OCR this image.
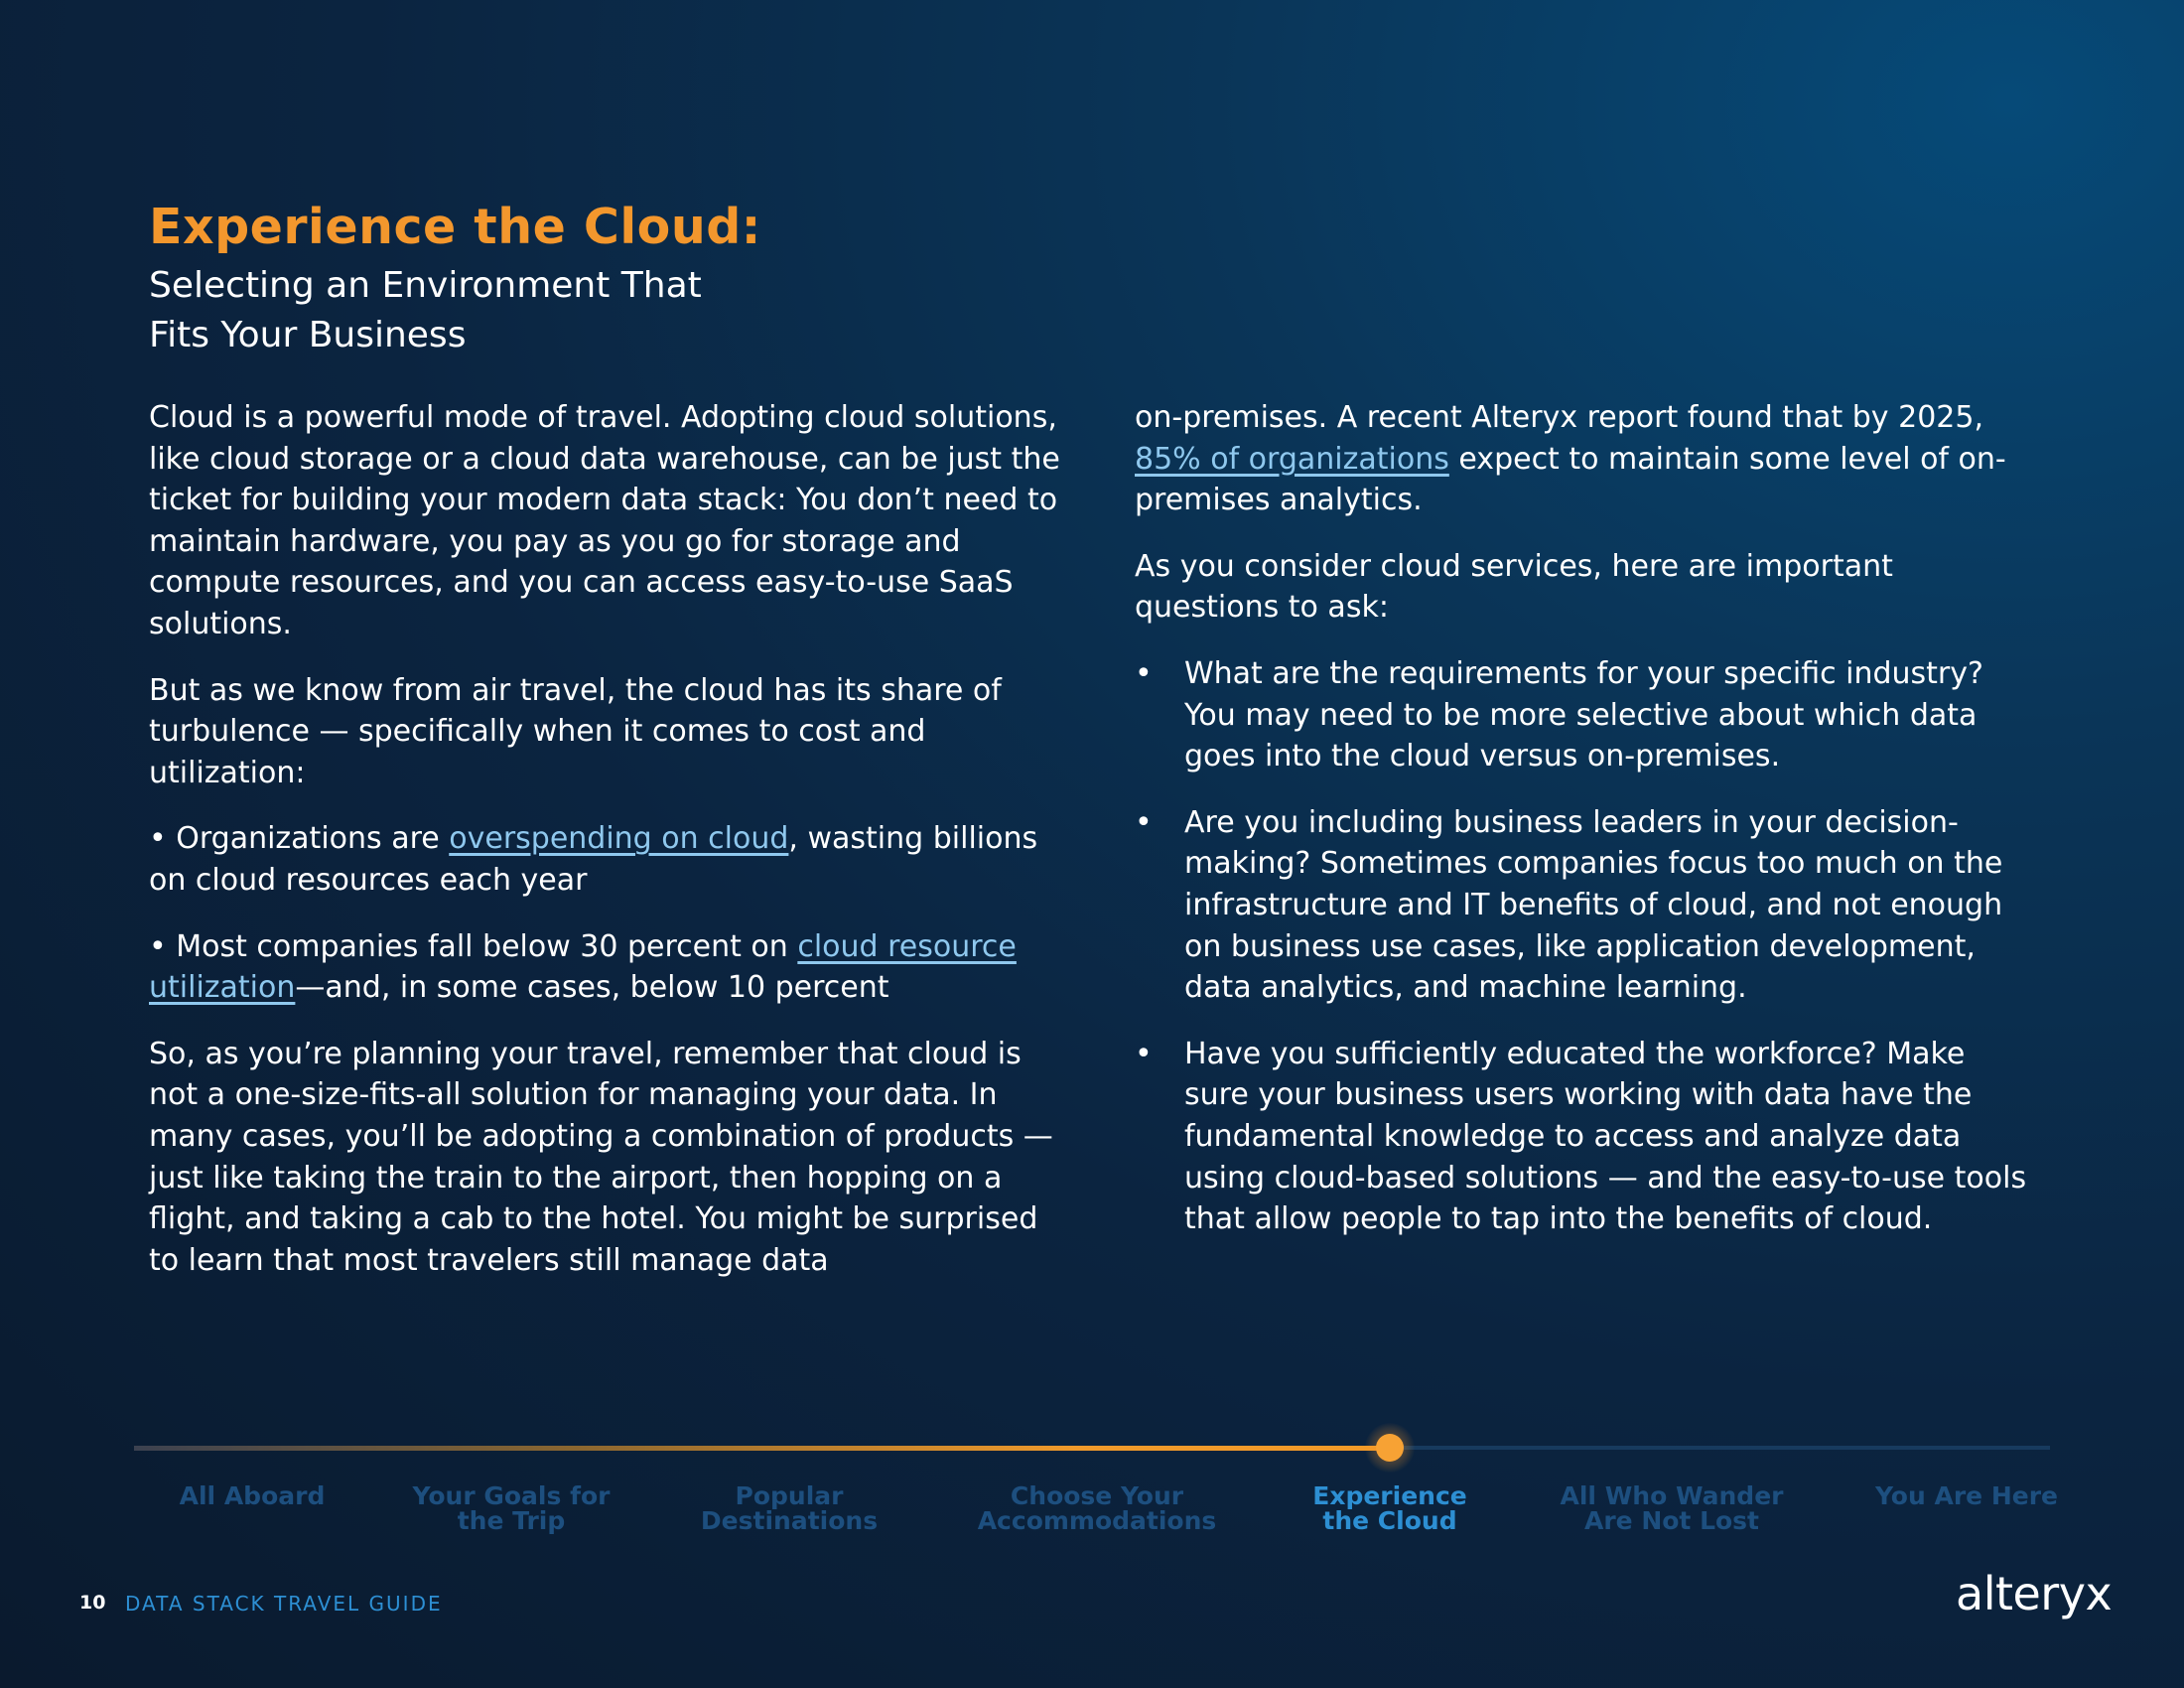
Experience the Cloud:
Selecting an Environment That
Fits Your Business

Cloud is a powerful mode of travel. Adopting cloud solutions, like cloud storage or a cloud data warehouse, can be just the ticket for building your modern data stack: You don’t need to maintain hardware, you pay as you go for storage and compute resources, and you can access easy-to-use SaaS solutions.

But as we know from air travel, the cloud has its share of turbulence — specifically when it comes to cost and utilization:

• Organizations are overspending on cloud, wasting billions on cloud resources each year

• Most companies fall below 30 percent on cloud resource utilization—and, in some cases, below 10 percent

So, as you’re planning your travel, remember that cloud is not a one-size-fits-all solution for managing your data. In many cases, you’ll be adopting a combination of products — just like taking the train to the airport, then hopping on a flight, and taking a cab to the hotel. You might be surprised to learn that most travelers still manage data

on-premises. A recent Alteryx report found that by 2025, 85% of organizations expect to maintain some level of on-premises analytics.

As you consider cloud services, here are important questions to ask:

• What are the requirements for your specific industry? You may need to be more selective about which data goes into the cloud versus on-premises.
• Are you including business leaders in your decision-making? Sometimes companies focus too much on the infrastructure and IT benefits of cloud, and not enough on business use cases, like application development, data analytics, and machine learning.
• Have you sufficiently educated the workforce? Make sure your business users working with data have the fundamental knowledge to access and analyze data using cloud-based solutions — and the easy-to-use tools that allow people to tap into the benefits of cloud.
All Aboard	Your Goals for
the Trip
Popular
Destinations
Choose Your
Accommodations
Experience
the Cloud
All Who Wander
Are Not Lost
You Are Here
10 DATA STACK TRAVEL GUIDE	alteryx
